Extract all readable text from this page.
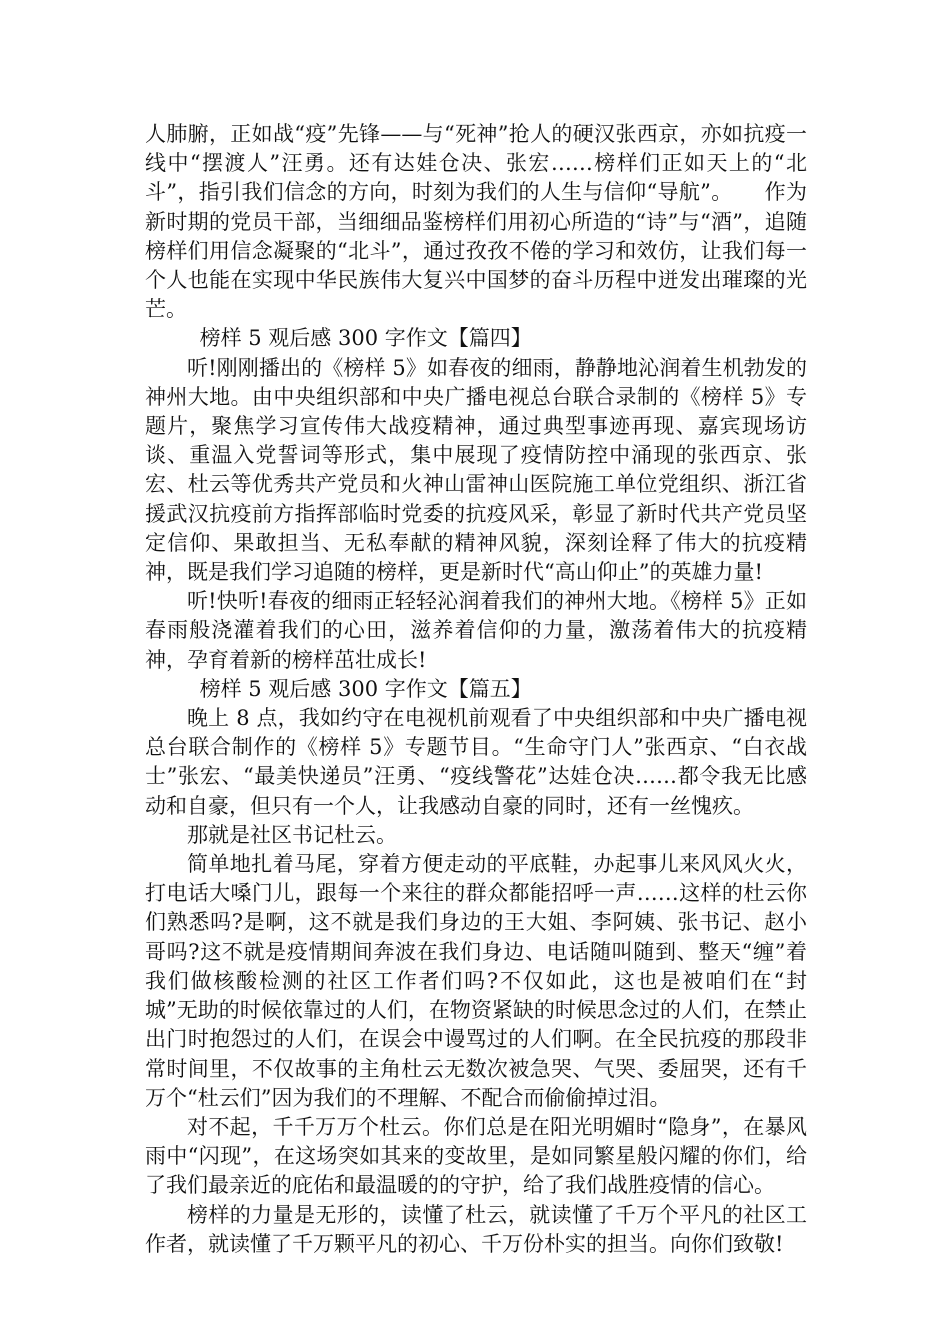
人肺腑，正如战“疫”先锋——与“死神”抢人的硬汉张西京，亦如抗疫一线中“摆渡人”汪勇。还有达娃仓决、张宏……榜样们正如天上的“北斗”，指引我们信念的方向，时刻为我们的人生与信仰“导航”。　　作为新时期的党员干部，当细细品鉴榜样们用初心所造的“诗”与“酒”，追随榜样们用信念凝聚的“北斗”，通过孜孜不倦的学习和效仿，让我们每一个人也能在实现中华民族伟大复兴中国梦的奋斗历程中迸发出璀璨的光芒。

榜样 5 观后感 300 字作文【篇四】

听!刚刚播出的《榜样 5》如春夜的细雨，静静地沁润着生机勃发的神州大地。由中央组织部和中央广播电视总台联合录制的《榜样 5》专题片，聚焦学习宣传伟大战疫精神，通过典型事迹再现、嘉宾现场访谈、重温入党誓词等形式，集中展现了疫情防控中涌现的张西京、张宏、杜云等优秀共产党员和火神山雷神山医院施工单位党组织、浙江省援武汉抗疫前方指挥部临时党委的抗疫风采，彰显了新时代共产党员坚定信仰、果敢担当、无私奉献的精神风貌，深刻诠释了伟大的抗疫精神，既是我们学习追随的榜样，更是新时代“高山仰止”的英雄力量!

听!快听!春夜的细雨正轻轻沁润着我们的神州大地。《榜样 5》正如春雨般浇灌着我们的心田，滋养着信仰的力量，激荡着伟大的抗疫精神，孕育着新的榜样茁壮成长!

榜样 5 观后感 300 字作文【篇五】

晚上 8 点，我如约守在电视机前观看了中央组织部和中央广播电视总台联合制作的《榜样 5》专题节目。“生命守门人”张西京、“白衣战士”张宏、“最美快递员”汪勇、“疫线警花”达娃仓决……都令我无比感动和自豪，但只有一个人，让我感动自豪的同时，还有一丝愧疚。

那就是社区书记杜云。

简单地扎着马尾，穿着方便走动的平底鞋，办起事儿来风风火火，打电话大嗓门儿，跟每一个来往的群众都能招呼一声……这样的杜云你们熟悉吗?是啊，这不就是我们身边的王大姐、李阿姨、张书记、赵小哥吗?这不就是疫情期间奔波在我们身边、电话随叫随到、整天“缠”着我们做核酸检测的社区工作者们吗?不仅如此，这也是被咱们在“封城”无助的时候依靠过的人们，在物资紧缺的时候思念过的人们，在禁止出门时抱怨过的人们，在误会中谩骂过的人们啊。在全民抗疫的那段非常时间里，不仅故事的主角杜云无数次被急哭、气哭、委屈哭，还有千万个“杜云们”因为我们的不理解、不配合而偷偷掉过泪。

对不起，千千万万个杜云。你们总是在阳光明媚时“隐身”，在暴风雨中“闪现”，在这场突如其来的变故里，是如同繁星般闪耀的你们，给了我们最亲近的庇佑和最温暖的的守护，给了我们战胜疫情的信心。

榜样的力量是无形的，读懂了杜云，就读懂了千万个平凡的社区工作者，就读懂了千万颗平凡的初心、千万份朴实的担当。向你们致敬!
